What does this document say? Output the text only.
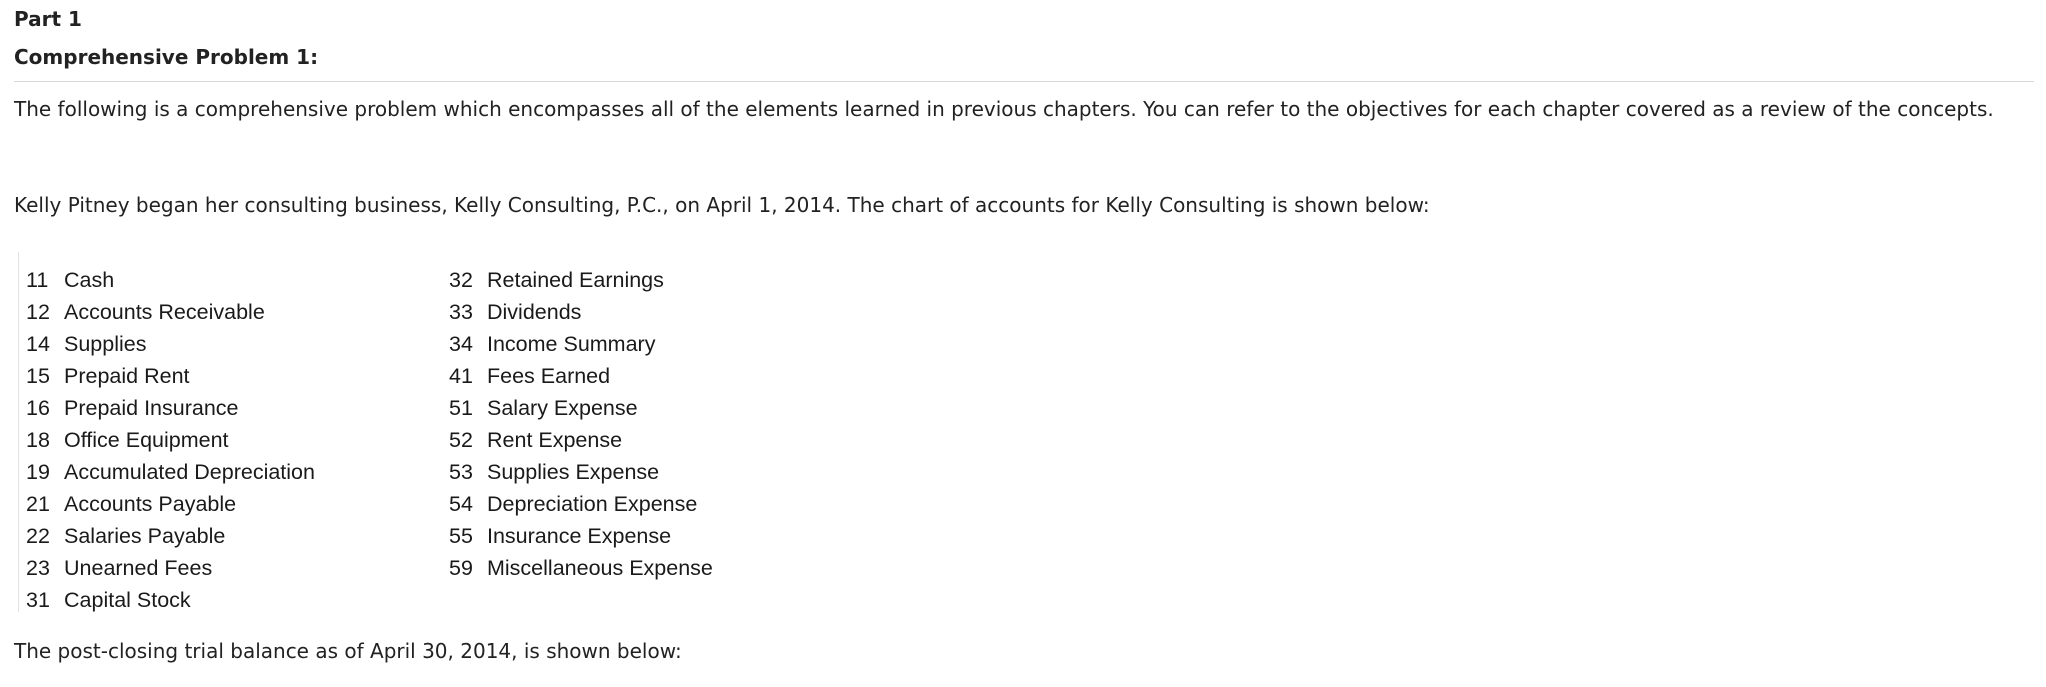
Part 1
Comprehensive Problem 1:

The following is a comprehensive problem which encompasses all of the elements learned in previous chapters. You can refer to the objectives for each chapter covered as a review of the concepts.

Kelly Pitney began her consulting business, Kelly Consulting, P.C., on April 1, 2014. The chart of accounts for Kelly Consulting is shown below:

11 Cash
12 Accounts Receivable
14 Supplies
15 Prepaid Rent
16 Prepaid Insurance
18 Office Equipment
19 Accumulated Depreciation
21 Accounts Payable
22 Salaries Payable
23 Unearned Fees
31 Capital Stock
32 Retained Earnings
33 Dividends
34 Income Summary
41 Fees Earned
51 Salary Expense
52 Rent Expense
53 Supplies Expense
54 Depreciation Expense
55 Insurance Expense
59 Miscellaneous Expense

The post-closing trial balance as of April 30, 2014, is shown below:
